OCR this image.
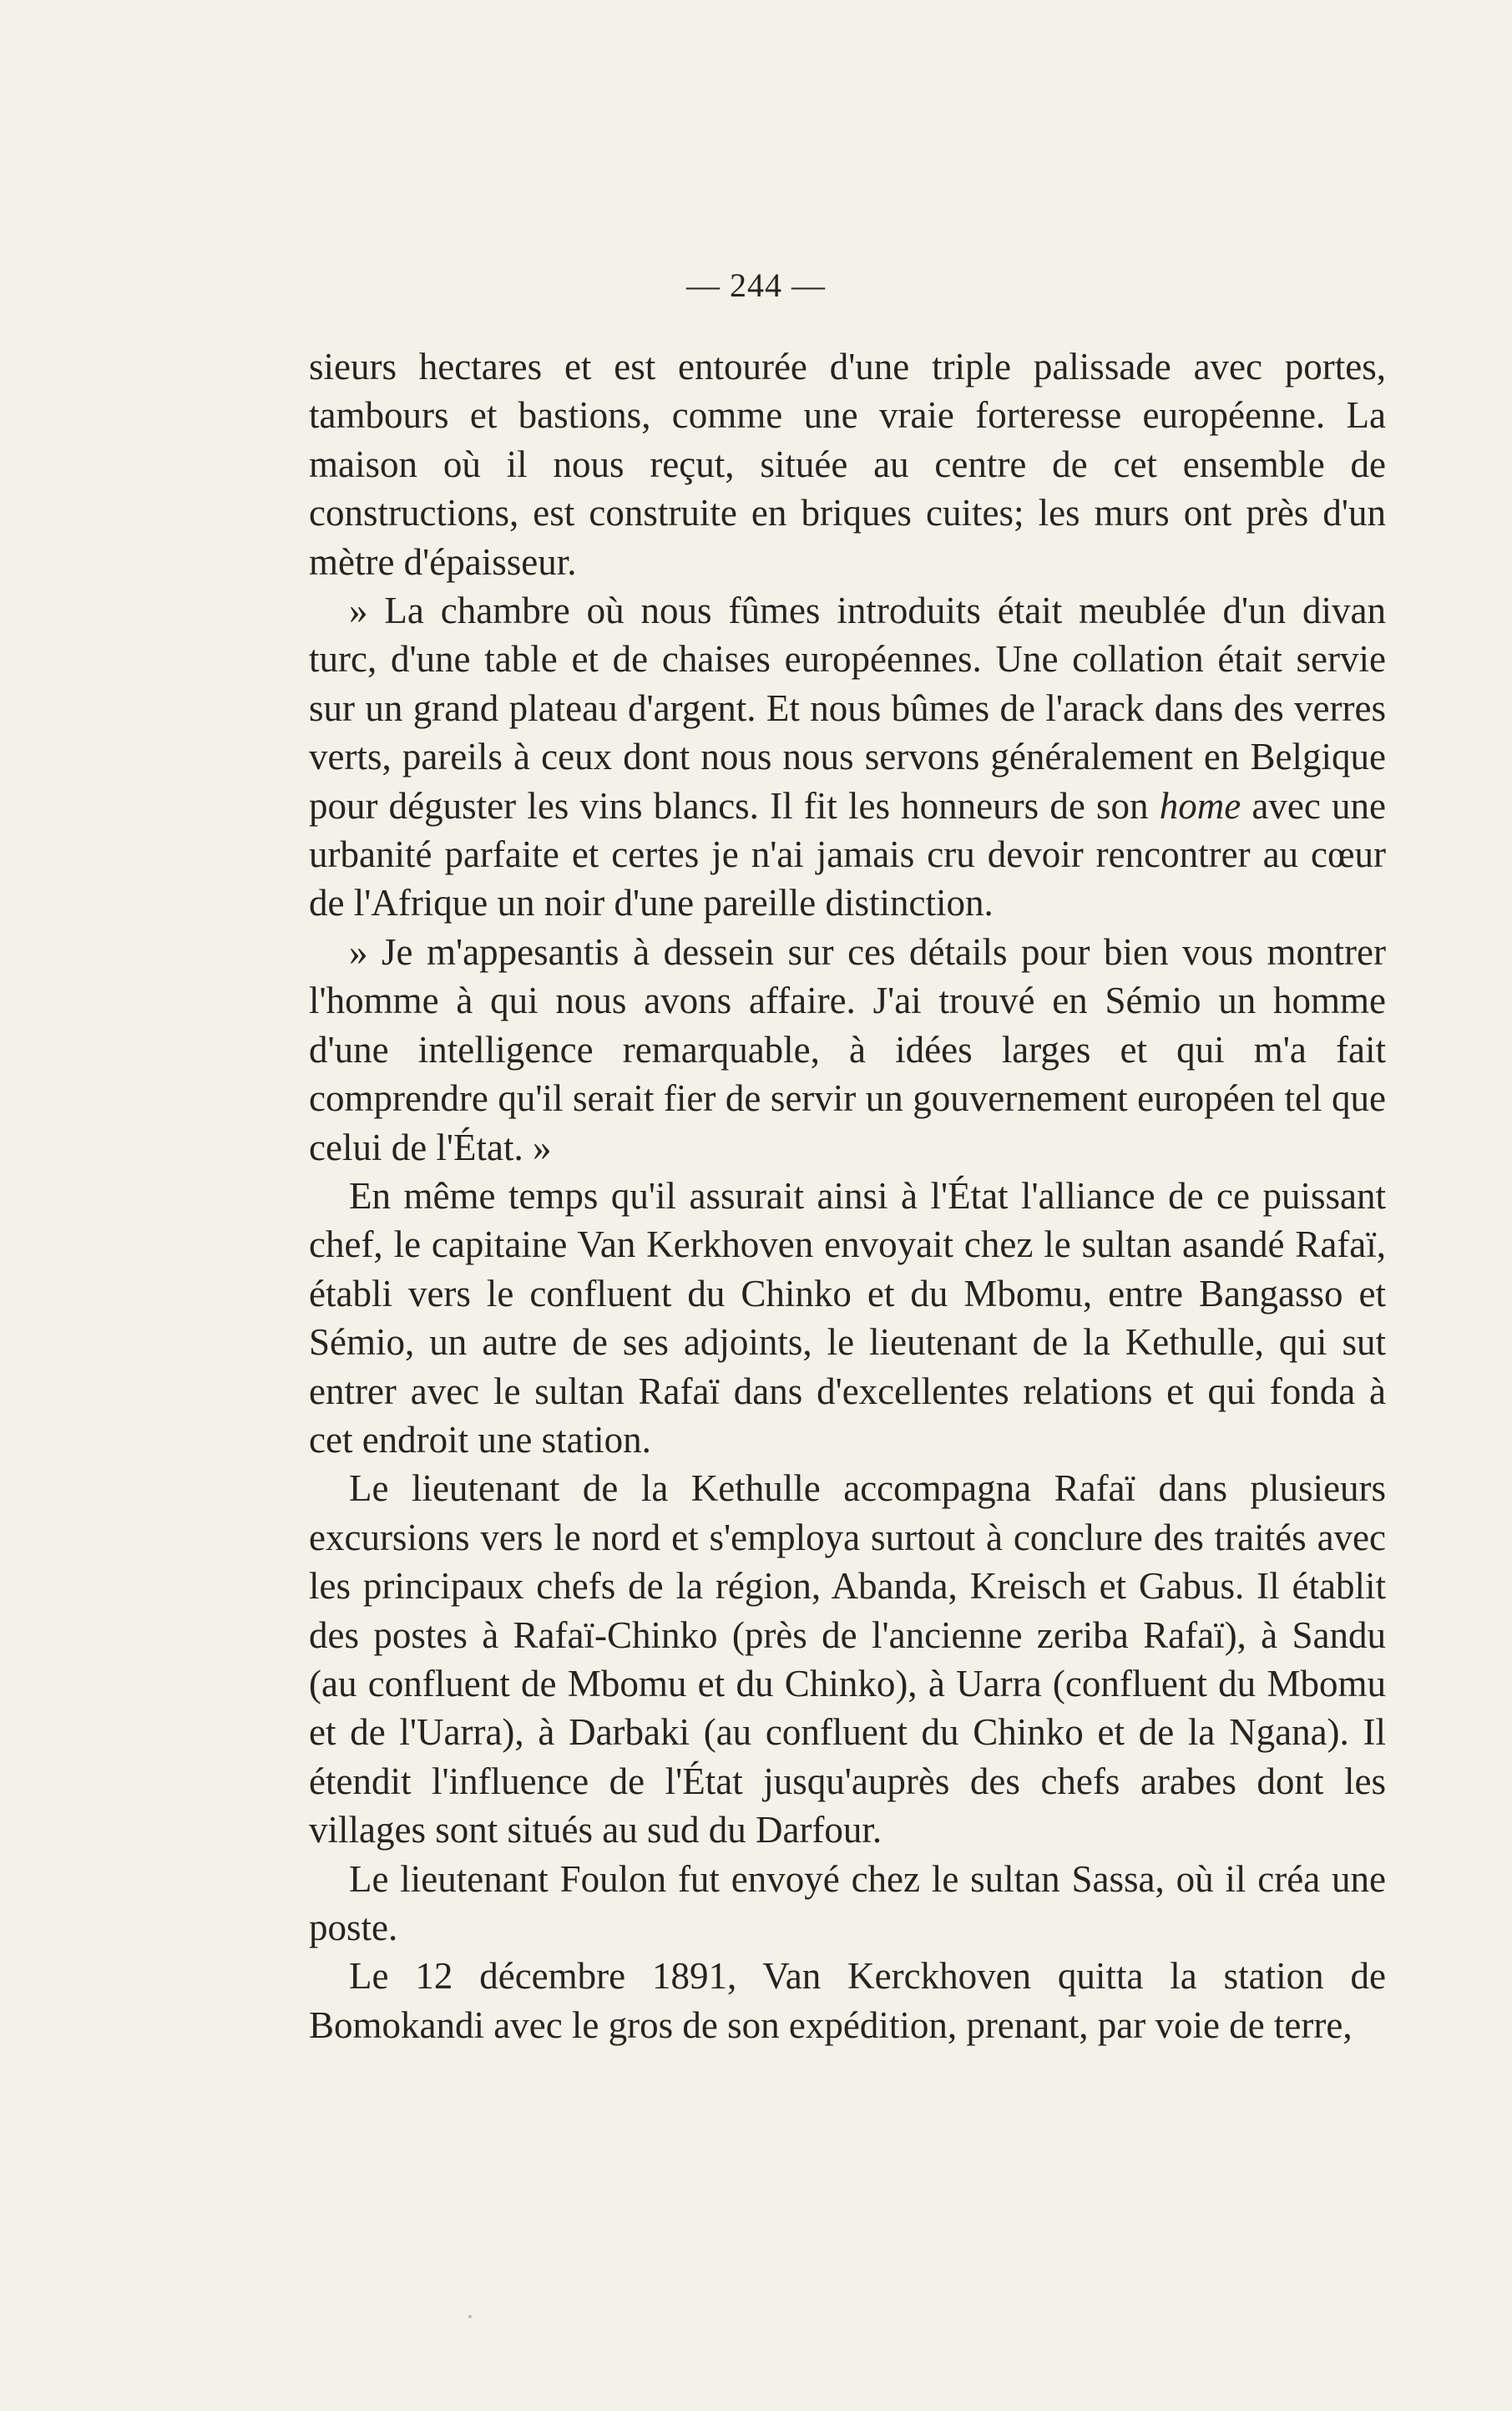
— 244 —

sieurs hectares et est entourée d'une triple palissade avec portes, tambours et bastions, comme une vraie forteresse européenne. La maison où il nous reçut, située au centre de cet ensemble de constructions, est construite en briques cuites; les murs ont près d'un mètre d'épaisseur.

» La chambre où nous fûmes introduits était meublée d'un divan turc, d'une table et de chaises européennes. Une collation était servie sur un grand plateau d'argent. Et nous bûmes de l'arack dans des verres verts, pareils à ceux dont nous nous servons généralement en Belgique pour déguster les vins blancs. Il fit les honneurs de son home avec une urbanité parfaite et certes je n'ai jamais cru devoir rencontrer au cœur de l'Afrique un noir d'une pareille distinction.

» Je m'appesantis à dessein sur ces détails pour bien vous montrer l'homme à qui nous avons affaire. J'ai trouvé en Sémio un homme d'une intelligence remarquable, à idées larges et qui m'a fait comprendre qu'il serait fier de servir un gouvernement européen tel que celui de l'État. »

En même temps qu'il assurait ainsi à l'État l'alliance de ce puissant chef, le capitaine Van Kerkhoven envoyait chez le sultan asandé Rafaï, établi vers le confluent du Chinko et du Mbomu, entre Bangasso et Sémio, un autre de ses adjoints, le lieutenant de la Kethulle, qui sut entrer avec le sultan Rafaï dans d'excellentes relations et qui fonda à cet endroit une station.

Le lieutenant de la Kethulle accompagna Rafaï dans plusieurs excursions vers le nord et s'employa surtout à conclure des traités avec les principaux chefs de la région, Abanda, Kreisch et Gabus. Il établit des postes à Rafaï-Chinko (près de l'ancienne zeriba Rafaï), à Sandu (au confluent de Mbomu et du Chinko), à Uarra (confluent du Mbomu et de l'Uarra), à Darbaki (au confluent du Chinko et de la Ngana). Il étendit l'influence de l'État jusqu'auprès des chefs arabes dont les villages sont situés au sud du Darfour.

Le lieutenant Foulon fut envoyé chez le sultan Sassa, où il créa une poste.

Le 12 décembre 1891, Van Kerckhoven quitta la station de Bomokandi avec le gros de son expédition, prenant, par voie de terre,
